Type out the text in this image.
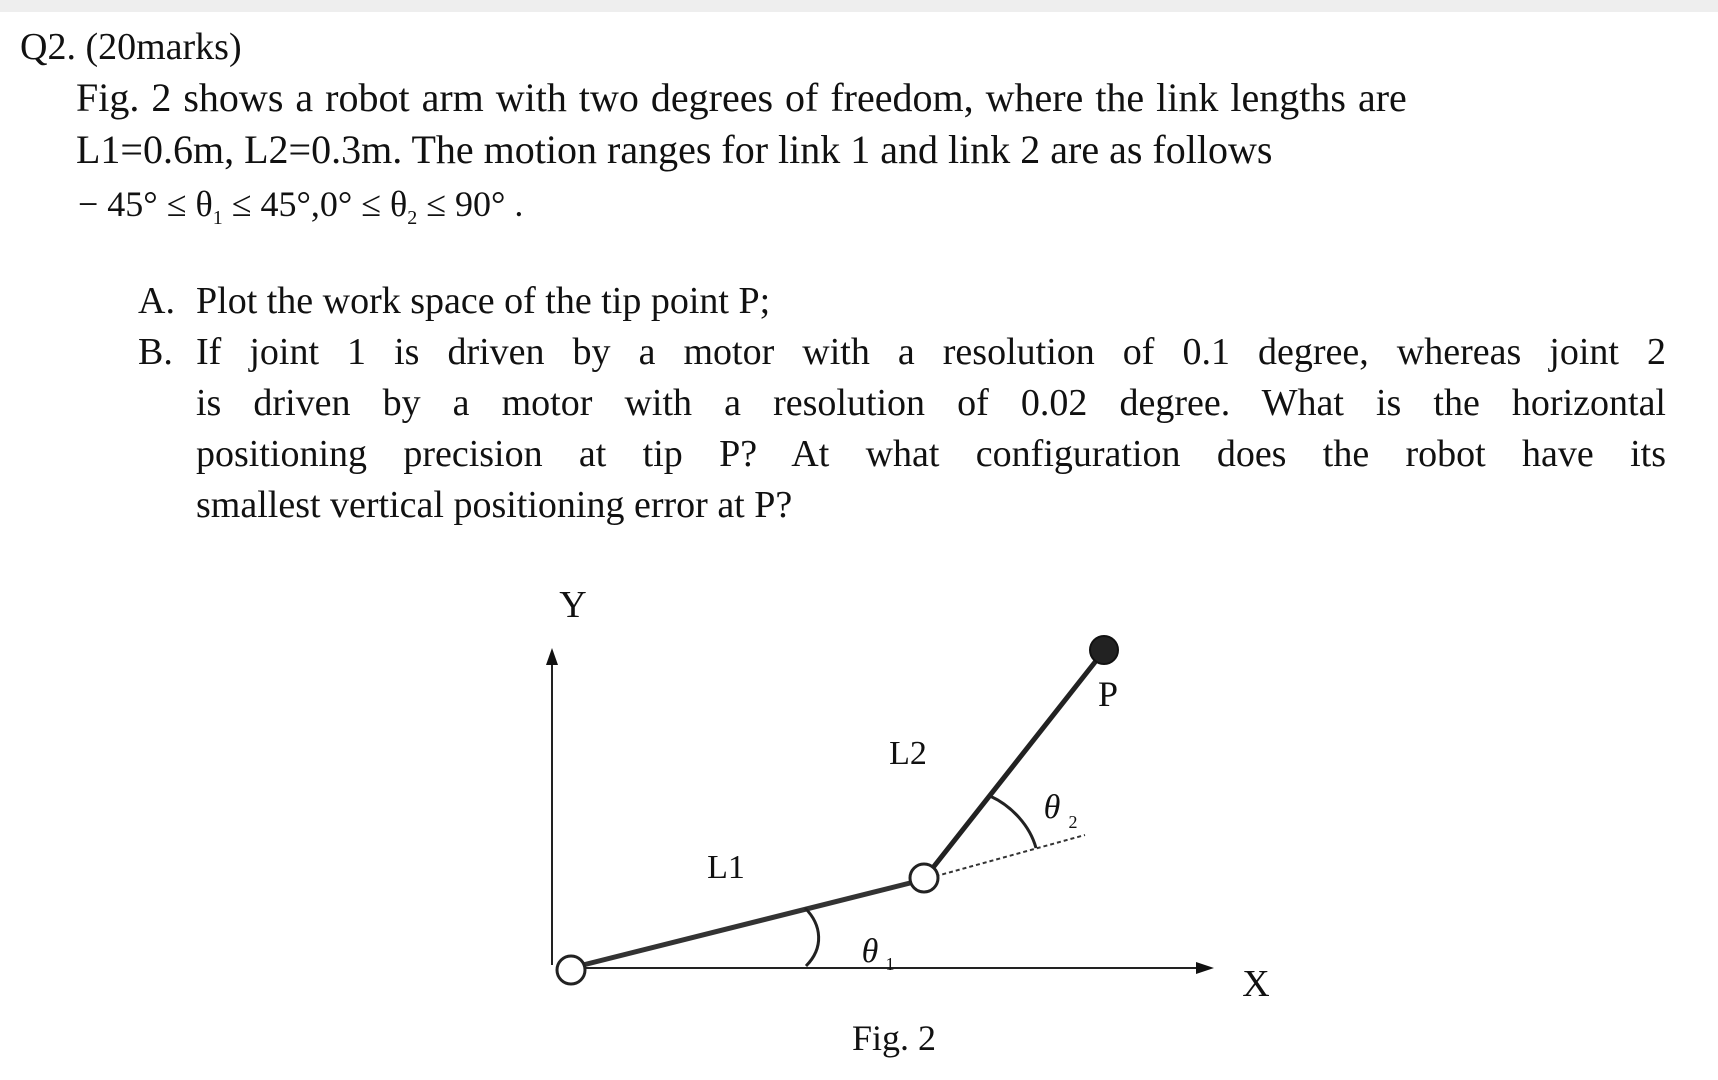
Q2. (20marks)

Fig. 2 shows a robot arm with two degrees of freedom, where the link lengths are

L1=0.6m, L2=0.3m. The motion ranges for link 1 and link 2 are as follows

− $45^\circ \le \theta_1 \le 45^\circ,0^\circ \le \theta_2 \le 90^\circ$ .

A. Plot the work space of the tip point P;

B. If joint 1 is driven by a motor with a resolution of 0.1 degree, whereas joint 2

is driven by a motor with a resolution of 0.02 degree. What is the horizontal

positioning precision at tip P? At what configuration does the robot have its

smallest vertical positioning error at P?

Y
X
θ 1
θ 2
P
L2
L1
Fig. 2
